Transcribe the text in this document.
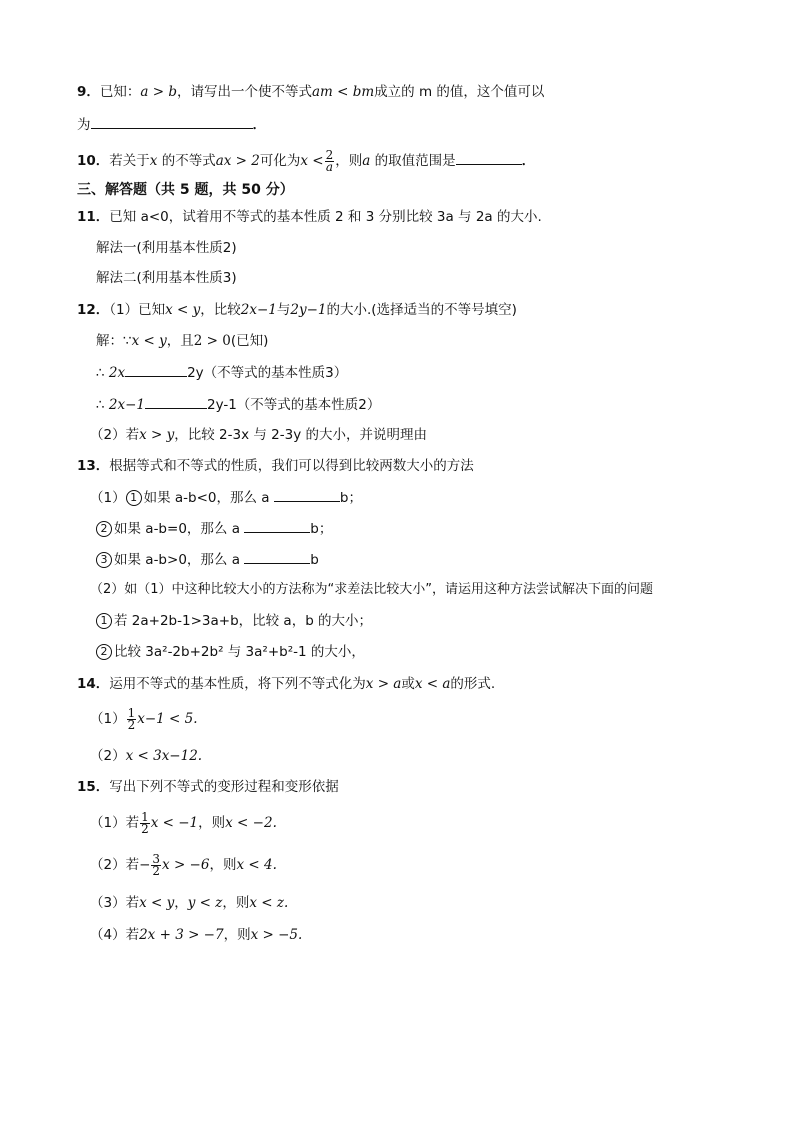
9．已知：a > b，请写出一个使不等式am < bm成立的 m 的值，这个值可以
为	．
10．若关于x 的不等式ax > 2可化为$x < \frac{2}{a}$ ，则a 的取值范围是	．
三、解答题（共 5 题，共 50 分）
11．已知 a<0，试着用不等式的基本性质 2 和 3 分别比较 3a 与 2a 的大小.
解法一(利用基本性质2)
解法二(利用基本性质3)
12．（1）已知x < y，比较2x−1与2y−1的大小.(选择适当的不等号填空)
解：∵x < y，且2 > 0(已知)
∴ 2x	2y（不等式的基本性质3）
∴ 2x−1	2y-1（不等式的基本性质2）
（2）若x > y，比较 2-3x 与 2-3y 的大小，并说明理由
13．根据等式和不等式的性质，我们可以得到比较两数大小的方法
（1） 1 如果 a-b<0，那么 a	b；
2 如果 a-b=0，那么 a	b；
3 如果 a-b>0，那么 a	b
（2）如（1）中这种比较大小的方法称为“求差法比较大小”，请运用这种方法尝试解决下面的问题
1 若 2a+2b-1>3a+b，比较 a，b 的大小；
2 比较 3a²-2b+2b² 与 3a²+b²-1 的大小，
14．运用不等式的基本性质，将下列不等式化为x > a或x < a的形式.
$(1) \frac{1}{2} x-1 < 5$.
（2）x < 3x−12.
15．写出下列不等式的变形过程和变形依据
（1）若 $\frac{1}{2}$ x < −1，则x < −2.
（2）若− $\frac{3}{2}$ x > −6，则x < 4.
（3）若x < y，y < z，则x < z.
（4）若2x + 3 > −7，则x > −5.
